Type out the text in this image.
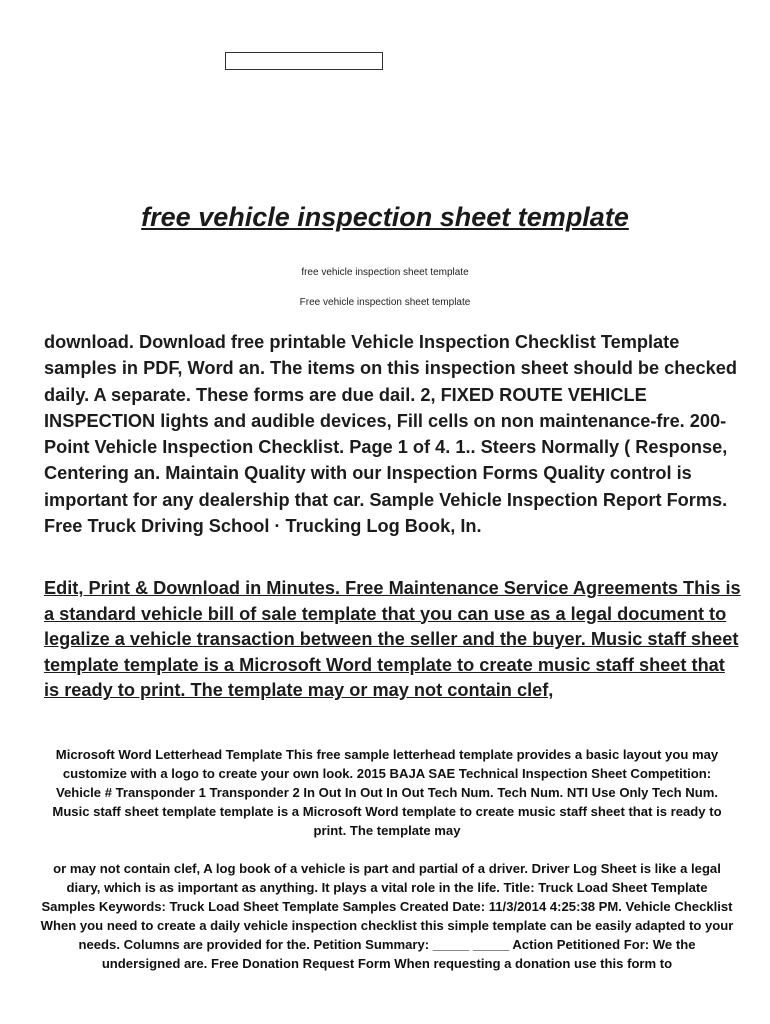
free vehicle inspection sheet template
free vehicle inspection sheet template
Free vehicle inspection sheet template
download. Download free printable Vehicle Inspection Checklist Template samples in PDF, Word an. The items on this inspection sheet should be checked daily. A separate. These forms are due dail. 2, FIXED ROUTE VEHICLE INSPECTION lights and audible devices, Fill cells on non maintenance-fre. 200-Point Vehicle Inspection Checklist. Page 1 of 4. 1.. Steers Normally ( Response, Centering an. Maintain Quality with our Inspection Forms Quality control is important for any dealership that car. Sample Vehicle Inspection Report Forms. Free Truck Driving School · Trucking Log Book, In.
Edit, Print & Download in Minutes. Free Maintenance Service Agreements This is a standard vehicle bill of sale template that you can use as a legal document to legalize a vehicle transaction between the seller and the buyer. Music staff sheet template template is a Microsoft Word template to create music staff sheet that is ready to print. The template may or may not contain clef,
Microsoft Word Letterhead Template This free sample letterhead template provides a basic layout you may customize with a logo to create your own look. 2015 BAJA SAE Technical Inspection Sheet Competition: Vehicle # Transponder 1 Transponder 2 In Out In Out In Out Tech Num. Tech Num. NTI Use Only Tech Num. Music staff sheet template template is a Microsoft Word template to create music staff sheet that is ready to print. The template may
or may not contain clef, A log book of a vehicle is part and partial of a driver. Driver Log Sheet is like a legal diary, which is as important as anything. It plays a vital role in the life. Title: Truck Load Sheet Template Samples Keywords: Truck Load Sheet Template Samples Created Date: 11/3/2014 4:25:38 PM. Vehicle Checklist When you need to create a daily vehicle inspection checklist this simple template can be easily adapted to your needs. Columns are provided for the. Petition Summary: _____ _____ Action Petitioned For: We the undersigned are. Free Donation Request Form When requesting a donation use this form to
